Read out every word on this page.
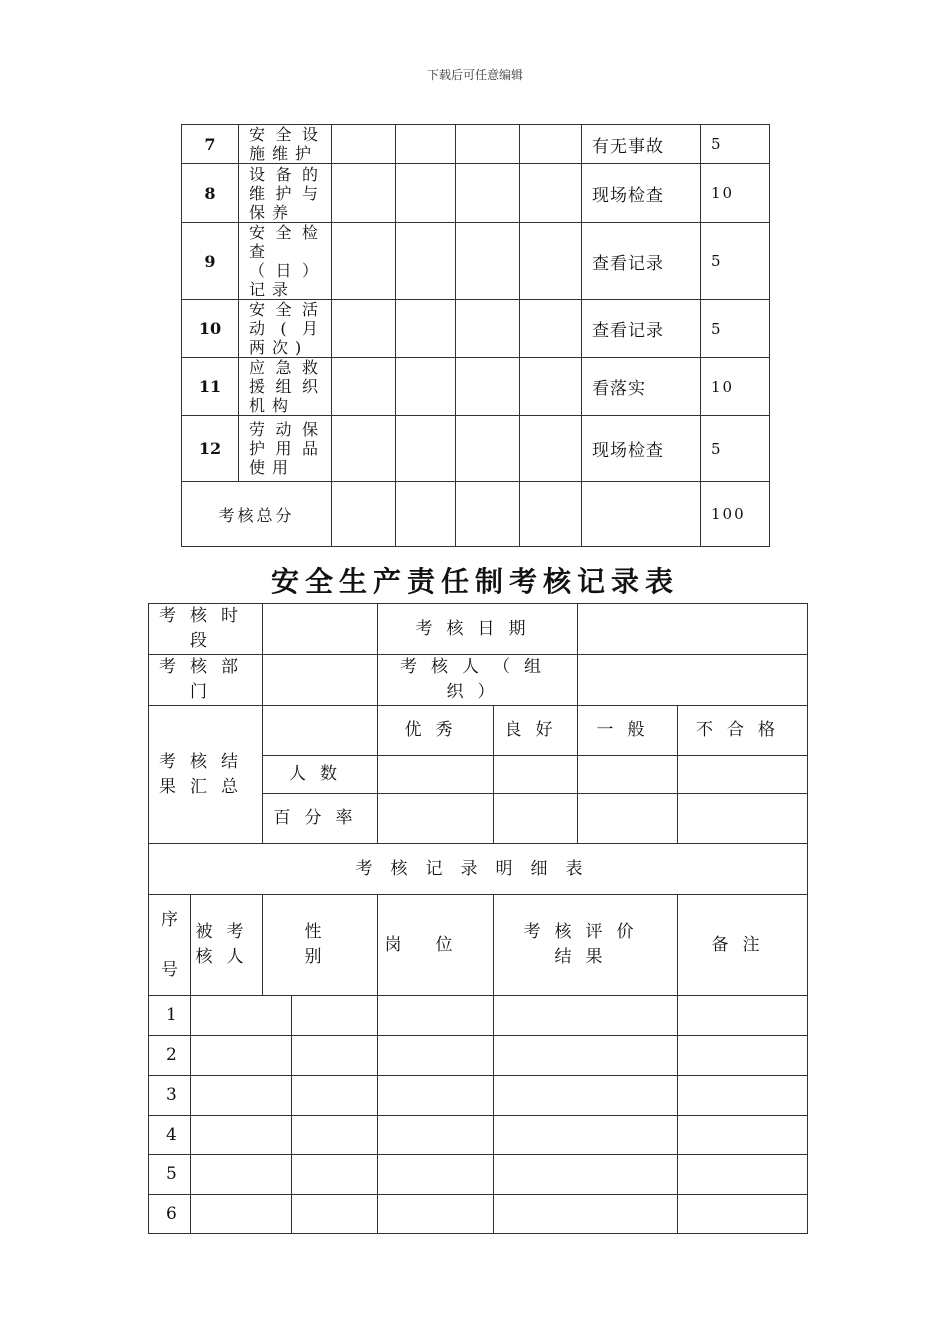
下载后可任意编辑
7	安全设施维护					有无事故	5
8	设备的维护与保养					现场检查	10
9	安全检查（日）记录					查看记录	5
10	安全活动(月两次)					查看记录	5
11	应急救援组织机构					看落实	10
12	劳动保护用品使用					现场检查	5
考核总分							100
安全生产责任制考核记录表
考核时段				考核日期			
考核部门				考核人（组织）			
考核结果汇总				优秀	良好	一般	不合格
		人数					
		百分率					
考核记录明细表							
序号	被考核人	性别		岗位	考核评价结果		备注
1							
2							
3							
4							
5							
6							
